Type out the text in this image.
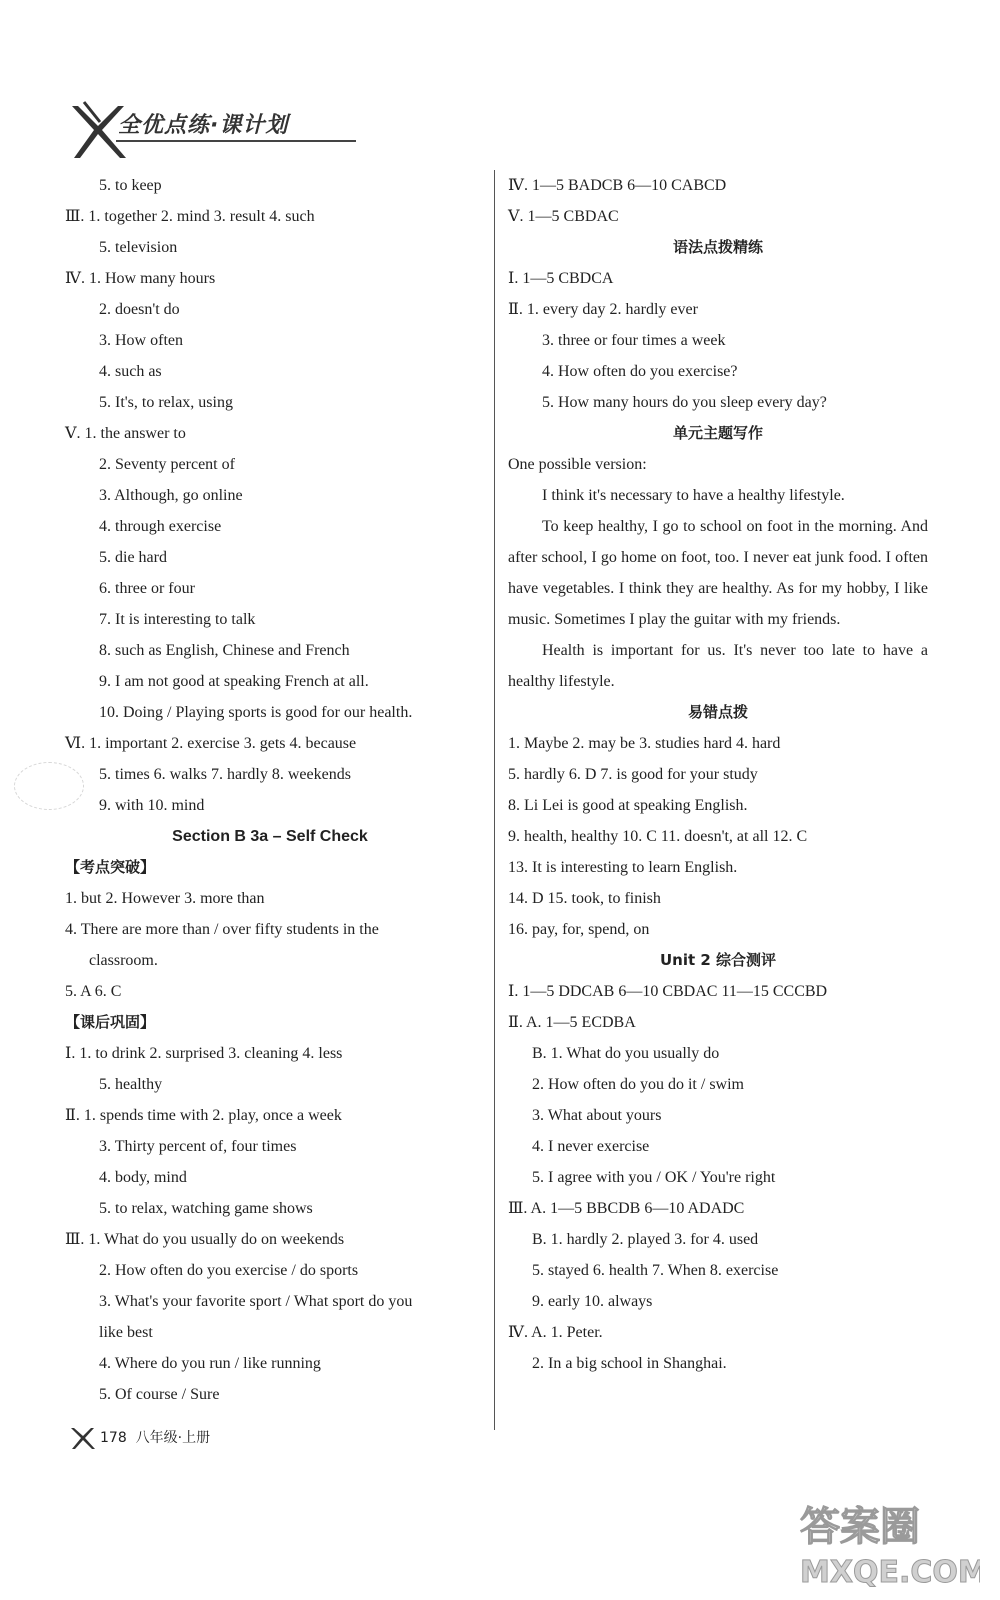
全优点练·课计划
5. to keep
Ⅲ. 1. together 2. mind 3. result 4. such
5. television
Ⅳ. 1. How many hours
2. doesn't do
3. How often
4. such as
5. It's, to relax, using
Ⅴ. 1. the answer to
2. Seventy percent of
3. Although, go online
4. through exercise
5. die hard
6. three or four
7. It is interesting to talk
8. such as English, Chinese and French
9. I am not good at speaking French at all.
10. Doing / Playing sports is good for our health.
Ⅵ. 1. important 2. exercise 3. gets 4. because
5. times 6. walks 7. hardly 8. weekends
9. with 10. mind
Section B 3a – Self Check
【考点突破】
1. but 2. However 3. more than
4. There are more than / over fifty students in the
classroom.
5. A 6. C
【课后巩固】
Ⅰ. 1. to drink 2. surprised 3. cleaning 4. less
5. healthy
Ⅱ. 1. spends time with 2. play, once a week
3. Thirty percent of, four times
4. body, mind
5. to relax, watching game shows
Ⅲ. 1. What do you usually do on weekends
2. How often do you exercise / do sports
3. What's your favorite sport / What sport do you
like best
4. Where do you run / like running
5. Of course / Sure
Ⅳ. 1—5 BADCB 6—10 CABCD
Ⅴ. 1—5 CBDAC
语法点拨精练
Ⅰ. 1—5 CBDCA
Ⅱ. 1. every day 2. hardly ever
3. three or four times a week
4. How often do you exercise?
5. How many hours do you sleep every day?
单元主题写作
One possible version:
I think it's necessary to have a healthy lifestyle.
To keep healthy, I go to school on foot in the morning. And after school, I go home on foot, too. I never eat junk food. I often have vegetables. I think they are healthy. As for my hobby, I like music. Sometimes I play the guitar with my friends.
Health is important for us. It's never too late to have a healthy lifestyle.
易错点拨
1. Maybe 2. may be 3. studies hard 4. hard
5. hardly 6. D 7. is good for your study
8. Li Lei is good at speaking English.
9. health, healthy 10. C 11. doesn't, at all 12. C
13. It is interesting to learn English.
14. D 15. took, to finish
16. pay, for, spend, on
Unit 2 综合测评
Ⅰ. 1—5 DDCAB 6—10 CBDAC 11—15 CCCBD
Ⅱ. A. 1—5 ECDBA
B. 1. What do you usually do
2. How often do you do it / swim
3. What about yours
4. I never exercise
5. I agree with you / OK / You're right
Ⅲ. A. 1—5 BBCDB 6—10 ADADC
B. 1. hardly 2. played 3. for 4. used
5. stayed 6. health 7. When 8. exercise
9. early 10. always
Ⅳ. A. 1. Peter.
2. In a big school in Shanghai.
178 八年级·上册
答案圈
MXQE.COM
